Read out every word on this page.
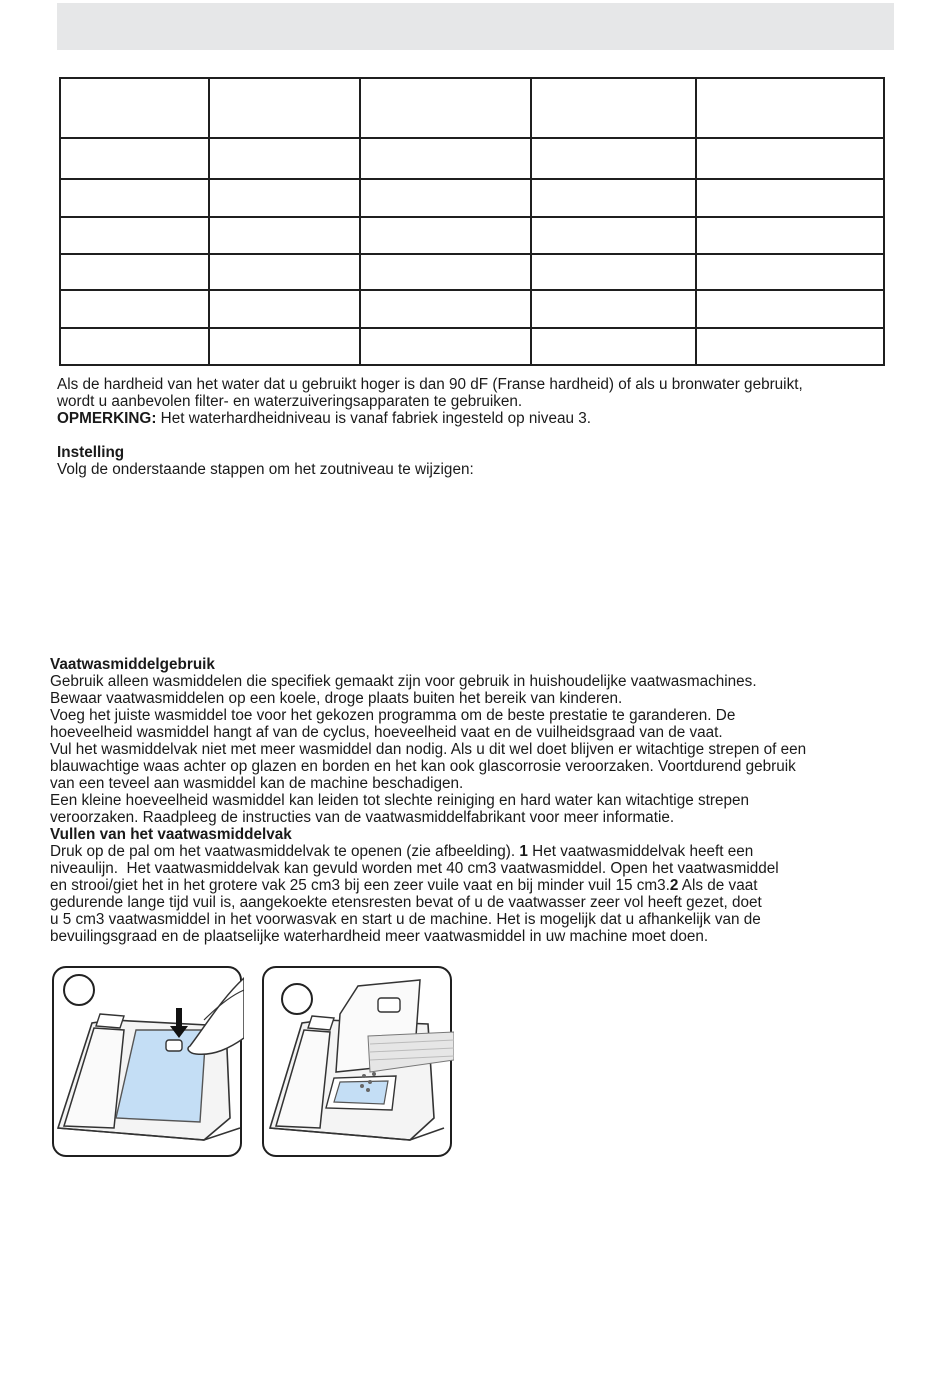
Als de hardheid van het water dat u gebruikt hoger is dan 90 dF (Franse hardheid) of als u bronwater gebruikt,

wordt u aanbevolen filter- en waterzuiveringsapparaten te gebruiken.

OPMERKING: Het waterhardheidniveau is vanaf fabriek ingesteld op niveau 3.

Instelling

Volg de onderstaande stappen om het zoutniveau te wijzigen:

Vaatwasmiddelgebruik

Gebruik alleen wasmiddelen die specifiek gemaakt zijn voor gebruik in huishoudelijke vaatwasmachines.

Bewaar vaatwasmiddelen op een koele, droge plaats buiten het bereik van kinderen.

Voeg het juiste wasmiddel toe voor het gekozen programma om de beste prestatie te garanderen. De

hoeveelheid wasmiddel hangt af van de cyclus, hoeveelheid vaat en de vuilheidsgraad van de vaat.

Vul het wasmiddelvak niet met meer wasmiddel dan nodig. Als u dit wel doet blijven er witachtige strepen of een

blauwachtige waas achter op glazen en borden en het kan ook glascorrosie veroorzaken. Voortdurend gebruik

van een teveel aan wasmiddel kan de machine beschadigen.

Een kleine hoeveelheid wasmiddel kan leiden tot slechte reiniging en hard water kan witachtige strepen

veroorzaken. Raadpleeg de instructies van de vaatwasmiddelfabrikant voor meer informatie.

Vullen van het vaatwasmiddelvak

Druk op de pal om het vaatwasmiddelvak te openen (zie afbeelding). 1 Het vaatwasmiddelvak heeft een

niveaulijn.  Het vaatwasmiddelvak kan gevuld worden met 40 cm3 vaatwasmiddel. Open het vaatwasmiddel

en strooi/giet het in het grotere vak 25 cm3 bij een zeer vuile vaat en bij minder vuil 15 cm3.2 Als de vaat

gedurende lange tijd vuil is, aangekoekte etensresten bevat of u de vaatwasser zeer vol heeft gezet, doet

u 5 cm3 vaatwasmiddel in het voorwasvak en start u de machine. Het is mogelijk dat u afhankelijk van de

bevuilingsgraad en de plaatselijke waterhardheid meer vaatwasmiddel in uw machine moet doen.
